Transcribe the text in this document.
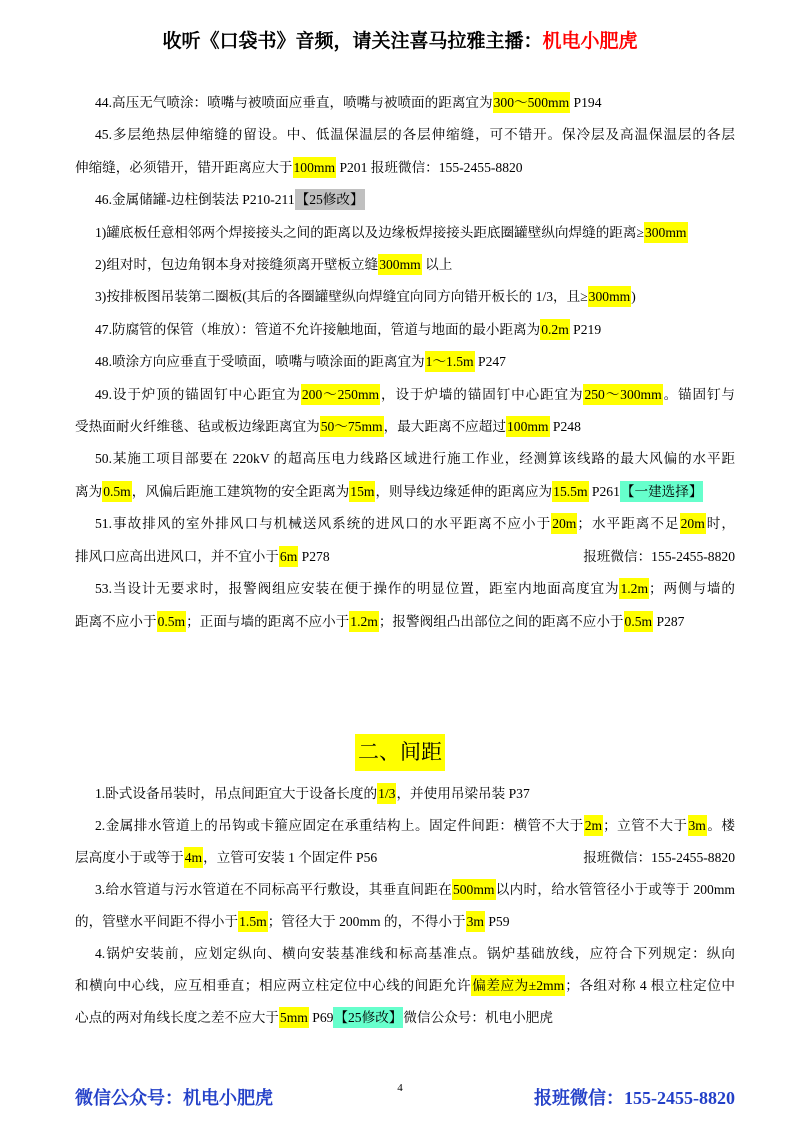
收听《口袋书》音频，请关注喜马拉雅主播：机电小肥虎
44.高压无气喷涂：喷嘴与被喷面应垂直，喷嘴与被喷面的距离宜为300～500mm P194
45.多层绝热层伸缩缝的留设。中、低温保温层的各层伸缩缝，可不错开。保冷层及高温保温层的各层
伸缩缝，必须错开，错开距离应大于100mm P201 报班微信：155-2455-8820
46.金属储罐-边柱倒装法 P210-211【25修改】
1)罐底板任意相邻两个焊接接头之间的距离以及边缘板焊接接头距底圈罐壁纵向焊缝的距离≥300mm
2)组对时，包边角钢本身对接缝须离开壁板立缝300mm 以上
3)按排板图吊装第二圈板(其后的各圈罐壁纵向焊缝宜向同方向错开板长的 1/3，且≥300mm)
47.防腐管的保管（堆放）：管道不允许接触地面，管道与地面的最小距离为0.2m P219
48.喷涂方向应垂直于受喷面，喷嘴与喷涂面的距离宜为1～1.5m P247
49.设于炉顶的锚固钉中心距宜为200～250mm，设于炉墙的锚固钉中心距宜为250～300mm。锚固钉与
受热面耐火纤维毯、毡或板边缘距离宜为50～75mm，最大距离不应超过100mm P248
50.某施工项目部要在 220kV 的超高压电力线路区域进行施工作业，经测算该线路的最大风偏的水平距
离为0.5m，风偏后距施工建筑物的安全距离为15m，则导线边缘延伸的距离应为15.5m P261【一建选择】
51.事故排风的室外排风口与机械送风系统的进风口的水平距离不应小于20m；水平距离不足20m时，
排风口应高出进风口，并不宜小于6m P278	报班微信：155-2455-8820
53.当设计无要求时，报警阀组应安装在便于操作的明显位置，距室内地面高度宜为1.2m；两侧与墙的
距离不应小于0.5m；正面与墙的距离不应小于1.2m；报警阀组凸出部位之间的距离不应小于0.5m P287
二、间距
1.卧式设备吊装时，吊点间距宜大于设备长度的1/3，并使用吊梁吊装 P37
2.金属排水管道上的吊钩或卡箍应固定在承重结构上。固定件间距：横管不大于2m；立管不大于3m。楼
层高度小于或等于4m，立管可安装 1 个固定件 P56	报班微信：155-2455-8820
3.给水管道与污水管道在不同标高平行敷设，其垂直间距在500mm以内时，给水管管径小于或等于 200mm
的，管壁水平间距不得小于1.5m；管径大于 200mm 的，不得小于3m P59
4.锅炉安装前，应划定纵向、横向安装基准线和标高基准点。锅炉基础放线，应符合下列规定：纵向
和横向中心线，应互相垂直；相应两立柱定位中心线的间距允许偏差应为±2mm；各组对称 4 根立柱定位中
心点的两对角线长度之差不应大于5mm P69【25修改】微信公众号：机电小肥虎
微信公众号：机电小肥虎	4	报班微信：155-2455-8820
